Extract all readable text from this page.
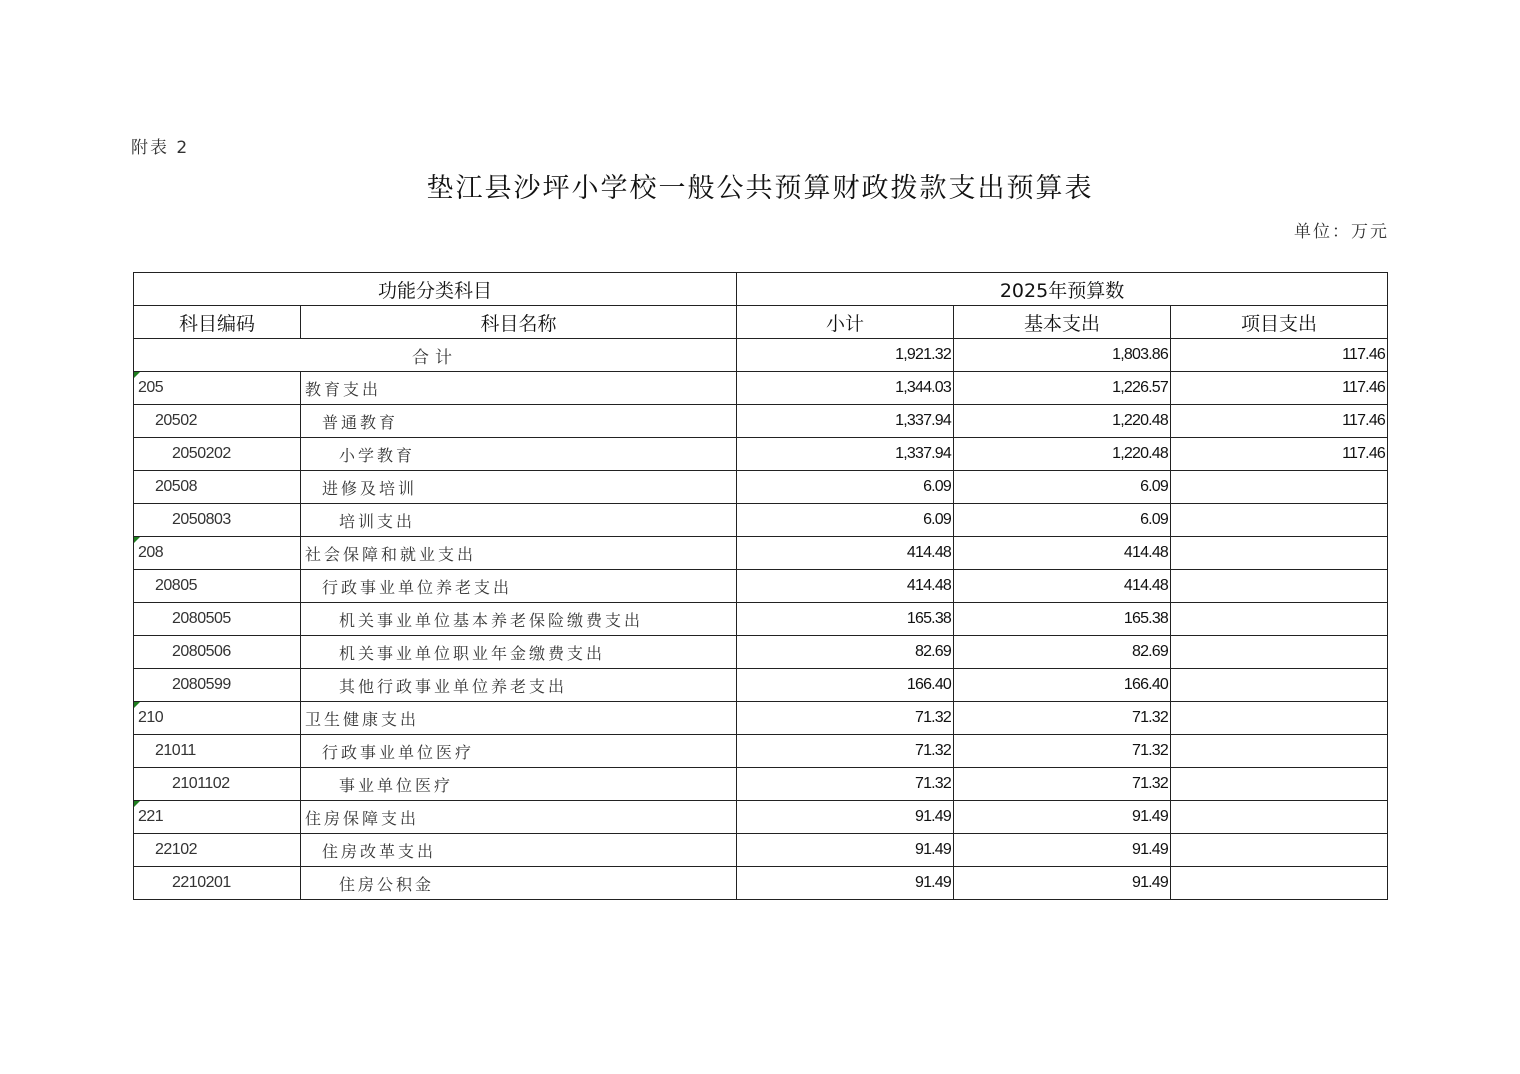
附表 2
垫江县沙坪小学校一般公共预算财政拨款支出预算表
单位：万元
功能分类科目		2025年预算数		
科目编码	科目名称	小计	基本支出	项目支出
合计		1,921.32	1,803.86	117.46

205	教育支出	1,344.03	1,226.57	117.46
20502	普通教育	1,337.94	1,220.48	117.46
2050202	小学教育	1,337.94	1,220.48	117.46
20508	进修及培训	6.09	6.09	
2050803	培训支出	6.09	6.09	

208	社会保障和就业支出	414.48	414.48	
20805	行政事业单位养老支出	414.48	414.48	
2080505	机关事业单位基本养老保险缴费支出	165.38	165.38	
2080506	机关事业单位职业年金缴费支出	82.69	82.69	
2080599	其他行政事业单位养老支出	166.40	166.40	

210	卫生健康支出	71.32	71.32	
21011	行政事业单位医疗	71.32	71.32	
2101102	事业单位医疗	71.32	71.32	

221	住房保障支出	91.49	91.49	
22102	住房改革支出	91.49	91.49	
2210201	住房公积金	91.49	91.49	
